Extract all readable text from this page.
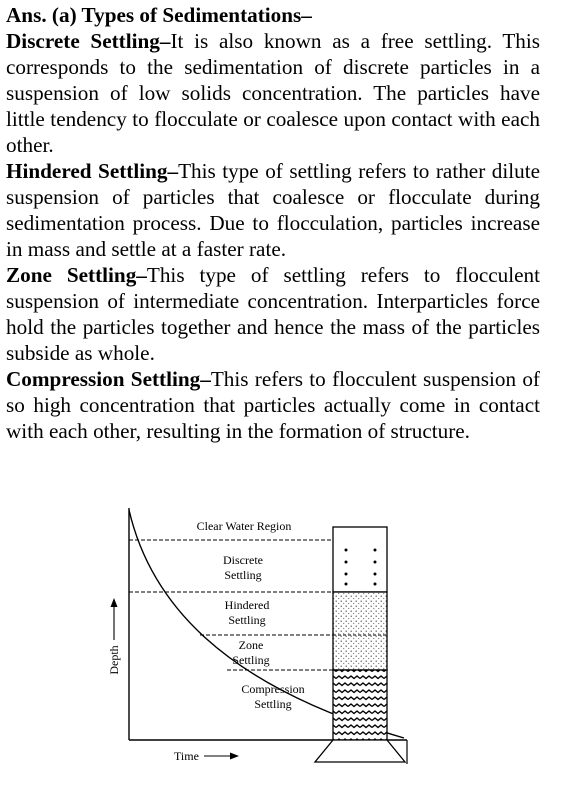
Ans. (a) Types of Sedimentations–

Discrete Settling–It is also known as a free settling. This corresponds to the sedimentation of discrete particles in a suspension of low solids concentration. The particles have little tendency to flocculate or coalesce upon contact with each other.

Hindered Settling–This type of settling refers to rather dilute suspension of particles that coalesce or flocculate during sedimentation process. Due to flocculation, particles increase in mass and settle at a faster rate.

Zone Settling–This type of settling refers to flocculent suspension of intermediate concentration. Interparticles force hold the particles together and hence the mass of the particles subside as whole.

Compression Settling–This refers to flocculent suspension of so high concentration that particles actually come in contact with each other, resulting in the formation of structure.

Clear Water Region
Discrete
Settling
Hindered
Settling
Zone
Settling
Compression
Settling
Depth
Time
